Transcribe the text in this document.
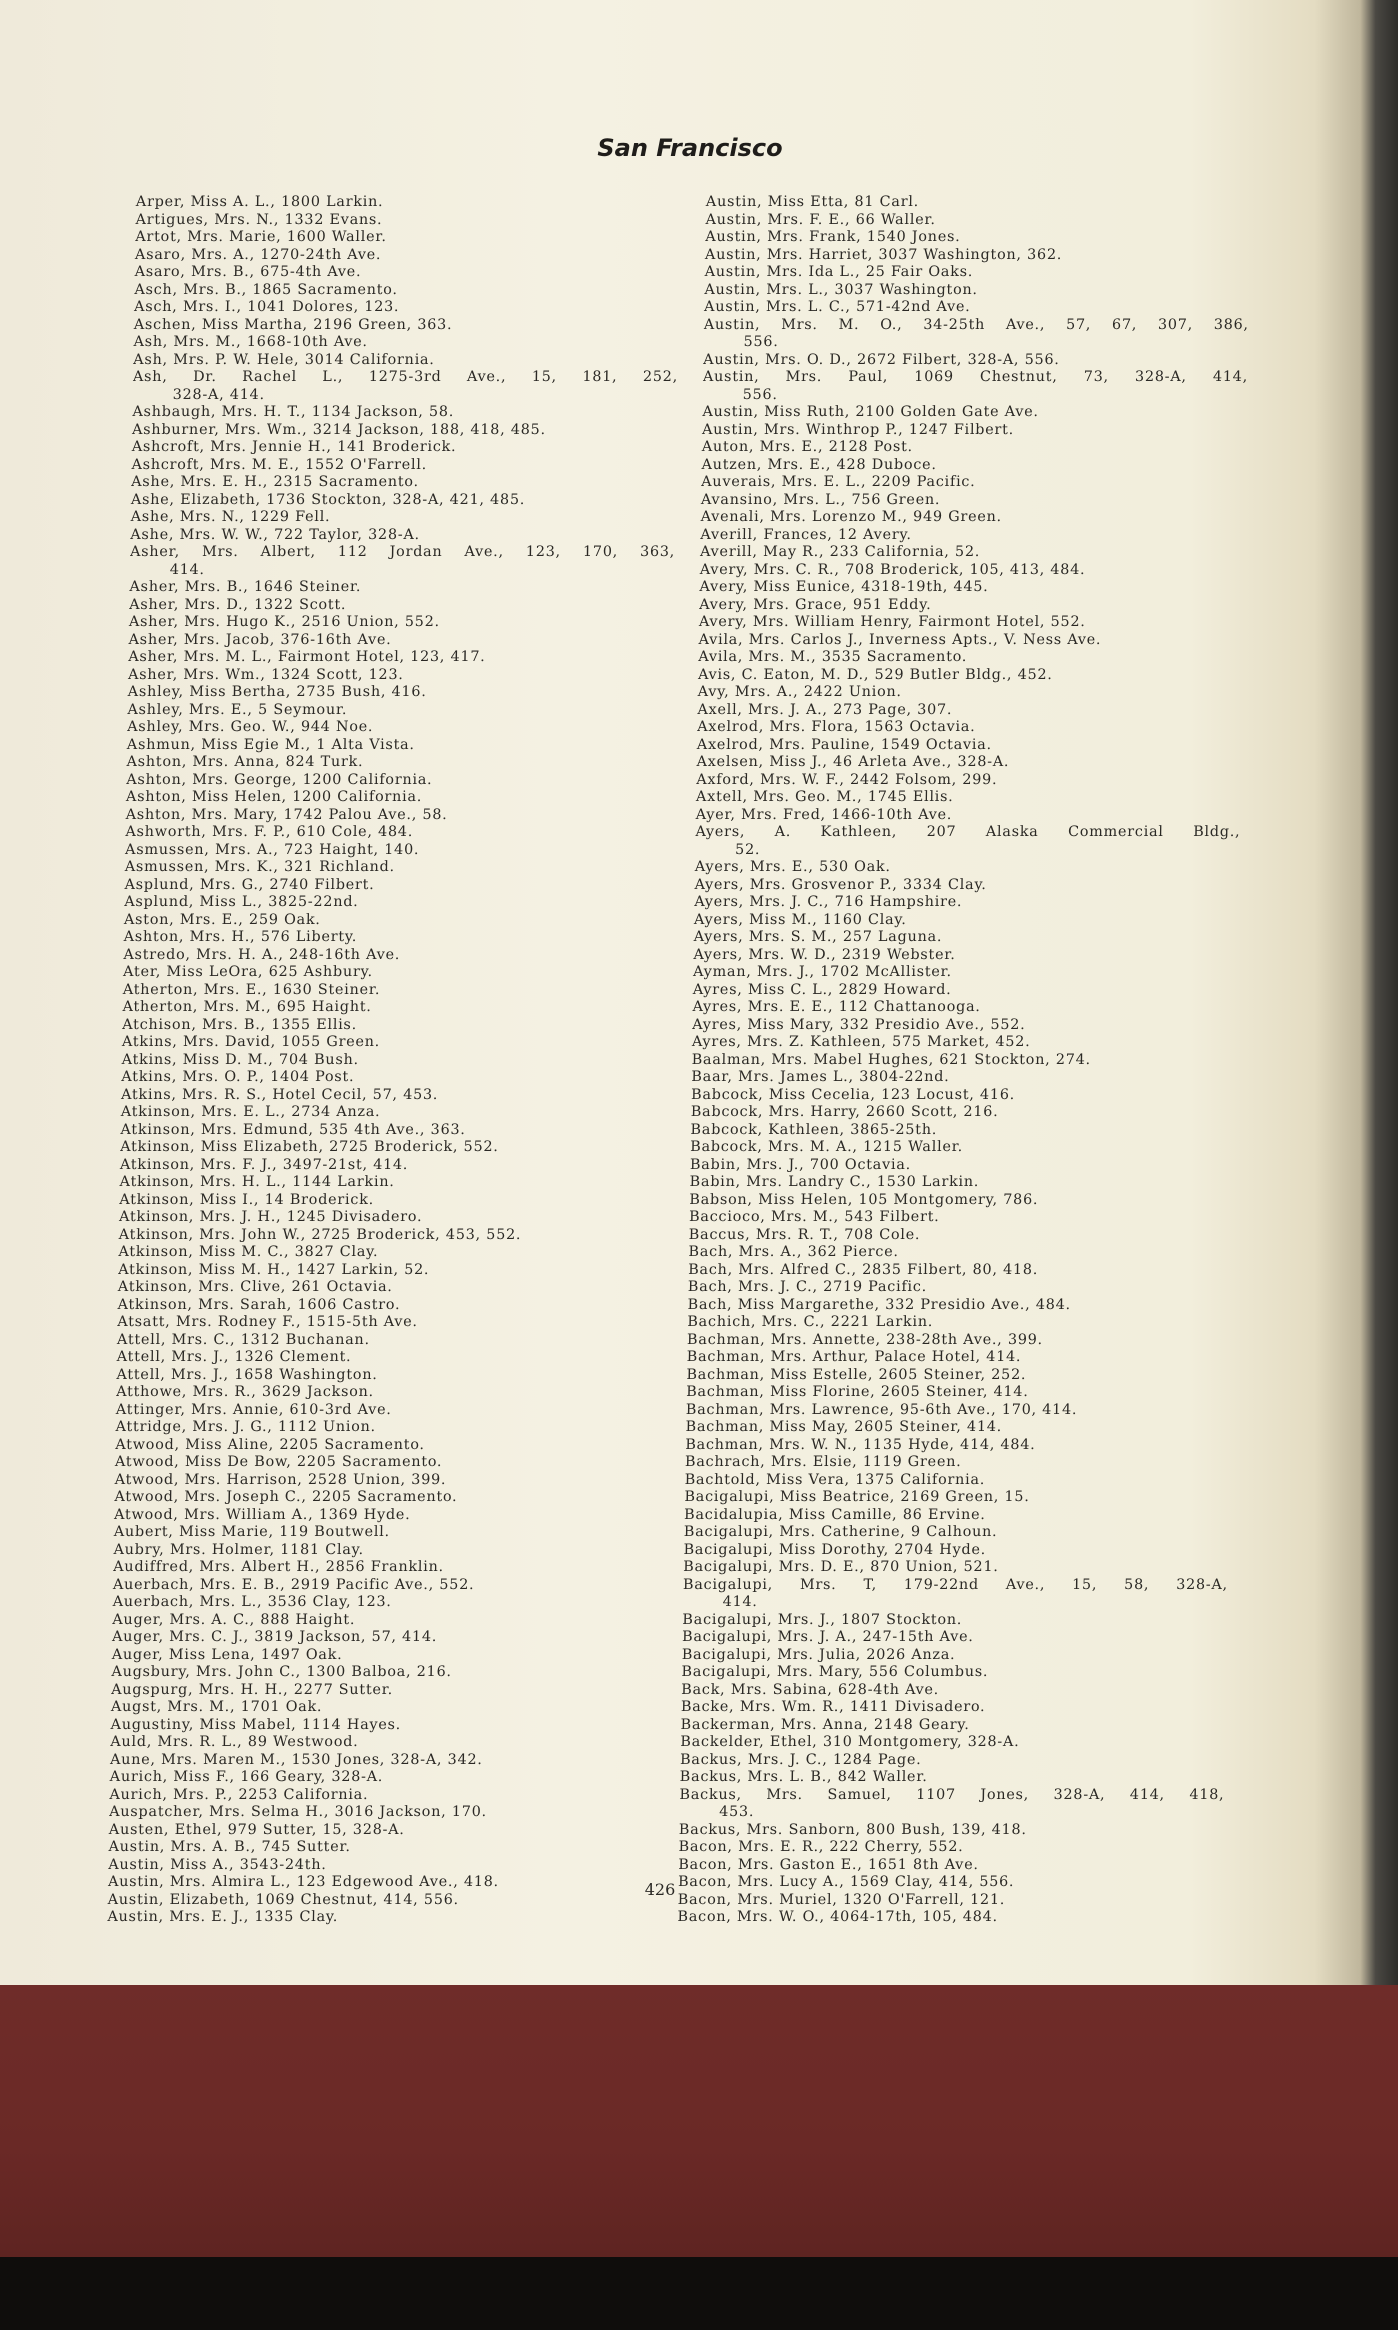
San Francisco
Arper, Miss A. L., 1800 Larkin.
Artigues, Mrs. N., 1332 Evans.
Artot, Mrs. Marie, 1600 Waller.
Asaro, Mrs. A., 1270-24th Ave.
Asaro, Mrs. B., 675-4th Ave.
Asch, Mrs. B., 1865 Sacramento.
Asch, Mrs. I., 1041 Dolores, 123.
Aschen, Miss Martha, 2196 Green, 363.
Ash, Mrs. M., 1668-10th Ave.
Ash, Mrs. P. W. Hele, 3014 California.
Ash, Dr. Rachel L., 1275-3rd Ave., 15, 181, 252,
328-A, 414.
Ashbaugh, Mrs. H. T., 1134 Jackson, 58.
Ashburner, Mrs. Wm., 3214 Jackson, 188, 418, 485.
Ashcroft, Mrs. Jennie H., 141 Broderick.
Ashcroft, Mrs. M. E., 1552 O'Farrell.
Ashe, Mrs. E. H., 2315 Sacramento.
Ashe, Elizabeth, 1736 Stockton, 328-A, 421, 485.
Ashe, Mrs. N., 1229 Fell.
Ashe, Mrs. W. W., 722 Taylor, 328-A.
Asher, Mrs. Albert, 112 Jordan Ave., 123, 170, 363,
414.
Asher, Mrs. B., 1646 Steiner.
Asher, Mrs. D., 1322 Scott.
Asher, Mrs. Hugo K., 2516 Union, 552.
Asher, Mrs. Jacob, 376-16th Ave.
Asher, Mrs. M. L., Fairmont Hotel, 123, 417.
Asher, Mrs. Wm., 1324 Scott, 123.
Ashley, Miss Bertha, 2735 Bush, 416.
Ashley, Mrs. E., 5 Seymour.
Ashley, Mrs. Geo. W., 944 Noe.
Ashmun, Miss Egie M., 1 Alta Vista.
Ashton, Mrs. Anna, 824 Turk.
Ashton, Mrs. George, 1200 California.
Ashton, Miss Helen, 1200 California.
Ashton, Mrs. Mary, 1742 Palou Ave., 58.
Ashworth, Mrs. F. P., 610 Cole, 484.
Asmussen, Mrs. A., 723 Haight, 140.
Asmussen, Mrs. K., 321 Richland.
Asplund, Mrs. G., 2740 Filbert.
Asplund, Miss L., 3825-22nd.
Aston, Mrs. E., 259 Oak.
Ashton, Mrs. H., 576 Liberty.
Astredo, Mrs. H. A., 248-16th Ave.
Ater, Miss LeOra, 625 Ashbury.
Atherton, Mrs. E., 1630 Steiner.
Atherton, Mrs. M., 695 Haight.
Atchison, Mrs. B., 1355 Ellis.
Atkins, Mrs. David, 1055 Green.
Atkins, Miss D. M., 704 Bush.
Atkins, Mrs. O. P., 1404 Post.
Atkins, Mrs. R. S., Hotel Cecil, 57, 453.
Atkinson, Mrs. E. L., 2734 Anza.
Atkinson, Mrs. Edmund, 535 4th Ave., 363.
Atkinson, Miss Elizabeth, 2725 Broderick, 552.
Atkinson, Mrs. F. J., 3497-21st, 414.
Atkinson, Mrs. H. L., 1144 Larkin.
Atkinson, Miss I., 14 Broderick.
Atkinson, Mrs. J. H., 1245 Divisadero.
Atkinson, Mrs. John W., 2725 Broderick, 453, 552.
Atkinson, Miss M. C., 3827 Clay.
Atkinson, Miss M. H., 1427 Larkin, 52.
Atkinson, Mrs. Clive, 261 Octavia.
Atkinson, Mrs. Sarah, 1606 Castro.
Atsatt, Mrs. Rodney F., 1515-5th Ave.
Attell, Mrs. C., 1312 Buchanan.
Attell, Mrs. J., 1326 Clement.
Attell, Mrs. J., 1658 Washington.
Atthowe, Mrs. R., 3629 Jackson.
Attinger, Mrs. Annie, 610-3rd Ave.
Attridge, Mrs. J. G., 1112 Union.
Atwood, Miss Aline, 2205 Sacramento.
Atwood, Miss De Bow, 2205 Sacramento.
Atwood, Mrs. Harrison, 2528 Union, 399.
Atwood, Mrs. Joseph C., 2205 Sacramento.
Atwood, Mrs. William A., 1369 Hyde.
Aubert, Miss Marie, 119 Boutwell.
Aubry, Mrs. Holmer, 1181 Clay.
Audiffred, Mrs. Albert H., 2856 Franklin.
Auerbach, Mrs. E. B., 2919 Pacific Ave., 552.
Auerbach, Mrs. L., 3536 Clay, 123.
Auger, Mrs. A. C., 888 Haight.
Auger, Mrs. C. J., 3819 Jackson, 57, 414.
Auger, Miss Lena, 1497 Oak.
Augsbury, Mrs. John C., 1300 Balboa, 216.
Augspurg, Mrs. H. H., 2277 Sutter.
Augst, Mrs. M., 1701 Oak.
Augustiny, Miss Mabel, 1114 Hayes.
Auld, Mrs. R. L., 89 Westwood.
Aune, Mrs. Maren M., 1530 Jones, 328-A, 342.
Aurich, Miss F., 166 Geary, 328-A.
Aurich, Mrs. P., 2253 California.
Auspatcher, Mrs. Selma H., 3016 Jackson, 170.
Austen, Ethel, 979 Sutter, 15, 328-A.
Austin, Mrs. A. B., 745 Sutter.
Austin, Miss A., 3543-24th.
Austin, Mrs. Almira L., 123 Edgewood Ave., 418.
Austin, Elizabeth, 1069 Chestnut, 414, 556.
Austin, Mrs. E. J., 1335 Clay.
Austin, Miss Etta, 81 Carl.
Austin, Mrs. F. E., 66 Waller.
Austin, Mrs. Frank, 1540 Jones.
Austin, Mrs. Harriet, 3037 Washington, 362.
Austin, Mrs. Ida L., 25 Fair Oaks.
Austin, Mrs. L., 3037 Washington.
Austin, Mrs. L. C., 571-42nd Ave.
Austin, Mrs. M. O., 34-25th Ave., 57, 67, 307, 386,
556.
Austin, Mrs. O. D., 2672 Filbert, 328-A, 556.
Austin, Mrs. Paul, 1069 Chestnut, 73, 328-A, 414,
556.
Austin, Miss Ruth, 2100 Golden Gate Ave.
Austin, Mrs. Winthrop P., 1247 Filbert.
Auton, Mrs. E., 2128 Post.
Autzen, Mrs. E., 428 Duboce.
Auverais, Mrs. E. L., 2209 Pacific.
Avansino, Mrs. L., 756 Green.
Avenali, Mrs. Lorenzo M., 949 Green.
Averill, Frances, 12 Avery.
Averill, May R., 233 California, 52.
Avery, Mrs. C. R., 708 Broderick, 105, 413, 484.
Avery, Miss Eunice, 4318-19th, 445.
Avery, Mrs. Grace, 951 Eddy.
Avery, Mrs. William Henry, Fairmont Hotel, 552.
Avila, Mrs. Carlos J., Inverness Apts., V. Ness Ave.
Avila, Mrs. M., 3535 Sacramento.
Avis, C. Eaton, M. D., 529 Butler Bldg., 452.
Avy, Mrs. A., 2422 Union.
Axell, Mrs. J. A., 273 Page, 307.
Axelrod, Mrs. Flora, 1563 Octavia.
Axelrod, Mrs. Pauline, 1549 Octavia.
Axelsen, Miss J., 46 Arleta Ave., 328-A.
Axford, Mrs. W. F., 2442 Folsom, 299.
Axtell, Mrs. Geo. M., 1745 Ellis.
Ayer, Mrs. Fred, 1466-10th Ave.
Ayers, A. Kathleen, 207 Alaska Commercial Bldg.,
52.
Ayers, Mrs. E., 530 Oak.
Ayers, Mrs. Grosvenor P., 3334 Clay.
Ayers, Mrs. J. C., 716 Hampshire.
Ayers, Miss M., 1160 Clay.
Ayers, Mrs. S. M., 257 Laguna.
Ayers, Mrs. W. D., 2319 Webster.
Ayman, Mrs. J., 1702 McAllister.
Ayres, Miss C. L., 2829 Howard.
Ayres, Mrs. E. E., 112 Chattanooga.
Ayres, Miss Mary, 332 Presidio Ave., 552.
Ayres, Mrs. Z. Kathleen, 575 Market, 452.
Baalman, Mrs. Mabel Hughes, 621 Stockton, 274.
Baar, Mrs. James L., 3804-22nd.
Babcock, Miss Cecelia, 123 Locust, 416.
Babcock, Mrs. Harry, 2660 Scott, 216.
Babcock, Kathleen, 3865-25th.
Babcock, Mrs. M. A., 1215 Waller.
Babin, Mrs. J., 700 Octavia.
Babin, Mrs. Landry C., 1530 Larkin.
Babson, Miss Helen, 105 Montgomery, 786.
Baccioco, Mrs. M., 543 Filbert.
Baccus, Mrs. R. T., 708 Cole.
Bach, Mrs. A., 362 Pierce.
Bach, Mrs. Alfred C., 2835 Filbert, 80, 418.
Bach, Mrs. J. C., 2719 Pacific.
Bach, Miss Margarethe, 332 Presidio Ave., 484.
Bachich, Mrs. C., 2221 Larkin.
Bachman, Mrs. Annette, 238-28th Ave., 399.
Bachman, Mrs. Arthur, Palace Hotel, 414.
Bachman, Miss Estelle, 2605 Steiner, 252.
Bachman, Miss Florine, 2605 Steiner, 414.
Bachman, Mrs. Lawrence, 95-6th Ave., 170, 414.
Bachman, Miss May, 2605 Steiner, 414.
Bachman, Mrs. W. N., 1135 Hyde, 414, 484.
Bachrach, Mrs. Elsie, 1119 Green.
Bachtold, Miss Vera, 1375 California.
Bacigalupi, Miss Beatrice, 2169 Green, 15.
Bacidalupia, Miss Camille, 86 Ervine.
Bacigalupi, Mrs. Catherine, 9 Calhoun.
Bacigalupi, Miss Dorothy, 2704 Hyde.
Bacigalupi, Mrs. D. E., 870 Union, 521.
Bacigalupi, Mrs. T, 179-22nd Ave., 15, 58, 328-A,
414.
Bacigalupi, Mrs. J., 1807 Stockton.
Bacigalupi, Mrs. J. A., 247-15th Ave.
Bacigalupi, Mrs. Julia, 2026 Anza.
Bacigalupi, Mrs. Mary, 556 Columbus.
Back, Mrs. Sabina, 628-4th Ave.
Backe, Mrs. Wm. R., 1411 Divisadero.
Backerman, Mrs. Anna, 2148 Geary.
Backelder, Ethel, 310 Montgomery, 328-A.
Backus, Mrs. J. C., 1284 Page.
Backus, Mrs. L. B., 842 Waller.
Backus, Mrs. Samuel, 1107 Jones, 328-A, 414, 418,
453.
Backus, Mrs. Sanborn, 800 Bush, 139, 418.
Bacon, Mrs. E. R., 222 Cherry, 552.
Bacon, Mrs. Gaston E., 1651 8th Ave.
Bacon, Mrs. Lucy A., 1569 Clay, 414, 556.
Bacon, Mrs. Muriel, 1320 O'Farrell, 121.
Bacon, Mrs. W. O., 4064-17th, 105, 484.
426
